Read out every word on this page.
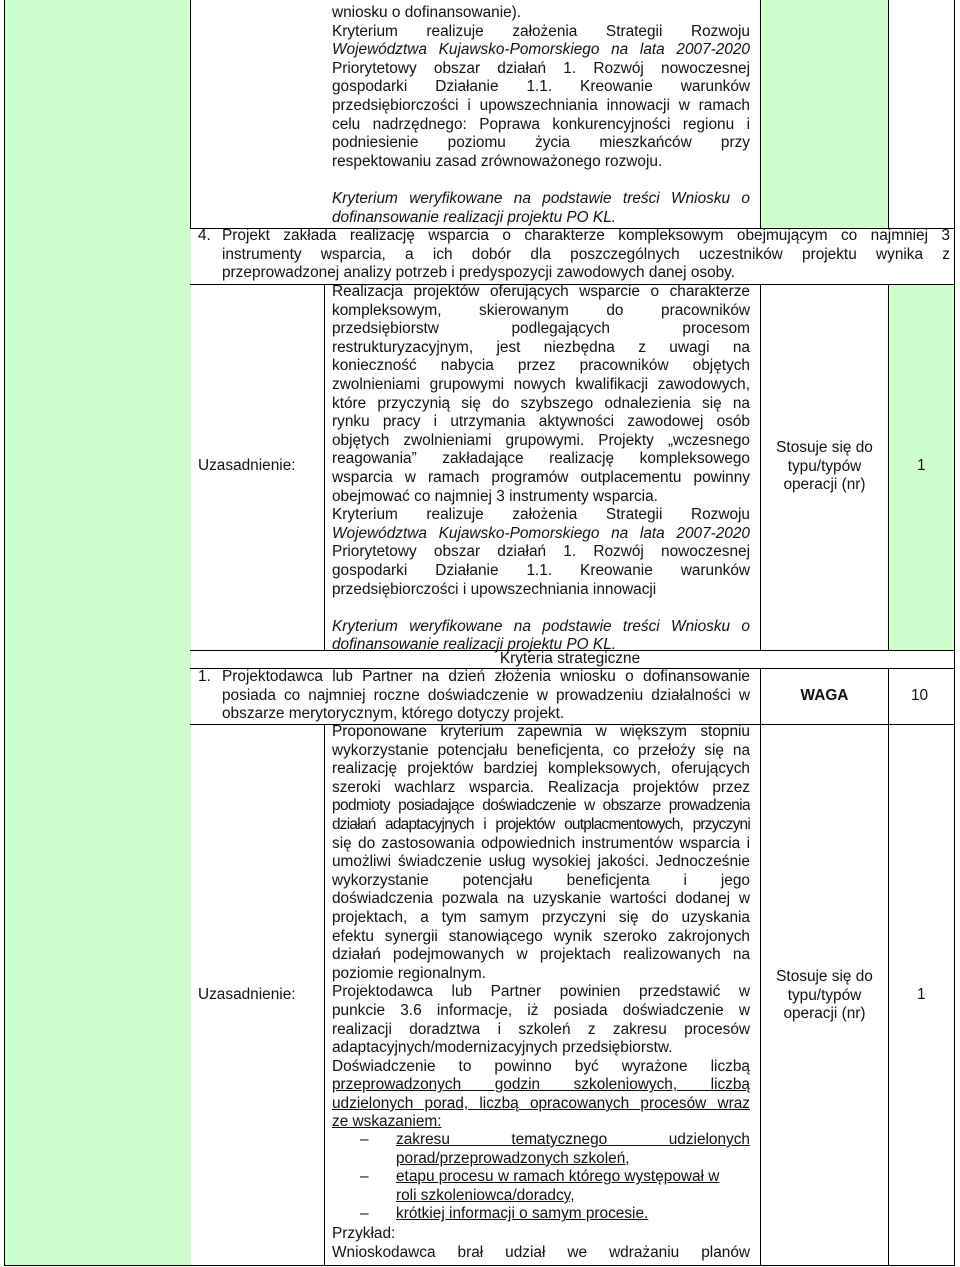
wniosku o dofinansowanie).
Kryterium realizuje założenia Strategii Rozwoju
Województwa Kujawsko-Pomorskiego na lata 2007-2020
Priorytetowy obszar działań 1. Rozwój nowoczesnej
gospodarki Działanie 1.1. Kreowanie warunków
przedsiębiorczości i upowszechniania innowacji w ramach
celu nadrzędnego: Poprawa konkurencyjności regionu i
podniesienie poziomu życia mieszkańców przy
respektowaniu zasad zrównoważonego rozwoju.
Kryterium weryfikowane na podstawie treści Wniosku o
dofinansowanie realizacji projektu PO KL.
4. Projekt zakłada realizację wsparcia o charakterze kompleksowym obejmującym co najmniej 3
instrumenty wsparcia, a ich dobór dla poszczególnych uczestników projektu wynika z
przeprowadzonej analizy potrzeb i predyspozycji zawodowych danej osoby.
Uzasadnienie:
Realizacja projektów oferujących wsparcie o charakterze
kompleksowym, skierowanym do pracowników
przedsiębiorstw podlegających procesom
restrukturyzacyjnym, jest niezbędna z uwagi na
konieczność nabycia przez pracowników objętych
zwolnieniami grupowymi nowych kwalifikacji zawodowych,
które przyczynią się do szybszego odnalezienia się na
rynku pracy i utrzymania aktywności zawodowej osób
objętych zwolnieniami grupowymi. Projekty „wczesnego
reagowania” zakładające realizację kompleksowego
wsparcia w ramach programów outplacementu powinny
obejmować co najmniej 3 instrumenty wsparcia.
Kryterium realizuje założenia Strategii Rozwoju
Województwa Kujawsko-Pomorskiego na lata 2007-2020
Priorytetowy obszar działań 1. Rozwój nowoczesnej
gospodarki Działanie 1.1. Kreowanie warunków
przedsiębiorczości i upowszechniania innowacji
Kryterium weryfikowane na podstawie treści Wniosku o
dofinansowanie realizacji projektu PO KL.
Stosuje się do
typu/typów
operacji (nr)
1
Kryteria strategiczne
1. Projektodawca lub Partner na dzień złożenia wniosku o dofinansowanie
posiada co najmniej roczne doświadczenie w prowadzeniu działalności w
obszarze merytorycznym, którego dotyczy projekt.
WAGA	10
Uzasadnienie:
Proponowane kryterium zapewnia w większym stopniu
wykorzystanie potencjału beneficjenta, co przełoży się na
realizację projektów bardziej kompleksowych, oferujących
szeroki wachlarz wsparcia. Realizacja projektów przez
podmioty posiadające doświadczenie w obszarze prowadzenia
działań adaptacyjnych i projektów outplacmentowych, przyczyni
się do zastosowania odpowiednich instrumentów wsparcia i
umożliwi świadczenie usług wysokiej jakości. Jednocześnie
wykorzystanie potencjału beneficjenta i jego
doświadczenia pozwala na uzyskanie wartości dodanej w
projektach, a tym samym przyczyni się do uzyskania
efektu synergii stanowiącego wynik szeroko zakrojonych
działań podejmowanych w projektach realizowanych na
poziomie regionalnym.
Projektodawca lub Partner powinien przedstawić w
punkcie 3.6 informacje, iż posiada doświadczenie w
realizacji doradztwa i szkoleń z zakresu procesów
adaptacyjnych/modernizacyjnych przedsiębiorstw.
Doświadczenie to powinno być wyrażone liczbą
przeprowadzonych godzin szkoleniowych, liczbą
udzielonych porad, liczbą opracowanych procesów wraz
ze wskazaniem:
– zakresu tematycznego udzielonych
porad/przeprowadzonych szkoleń,
– etapu procesu w ramach którego występował w
roli szkoleniowca/doradcy,
– krótkiej informacji o samym procesie.
Przykład:
Wnioskodawca brał udział we wdrażaniu planów
Stosuje się do
typu/typów
operacji (nr)
1
